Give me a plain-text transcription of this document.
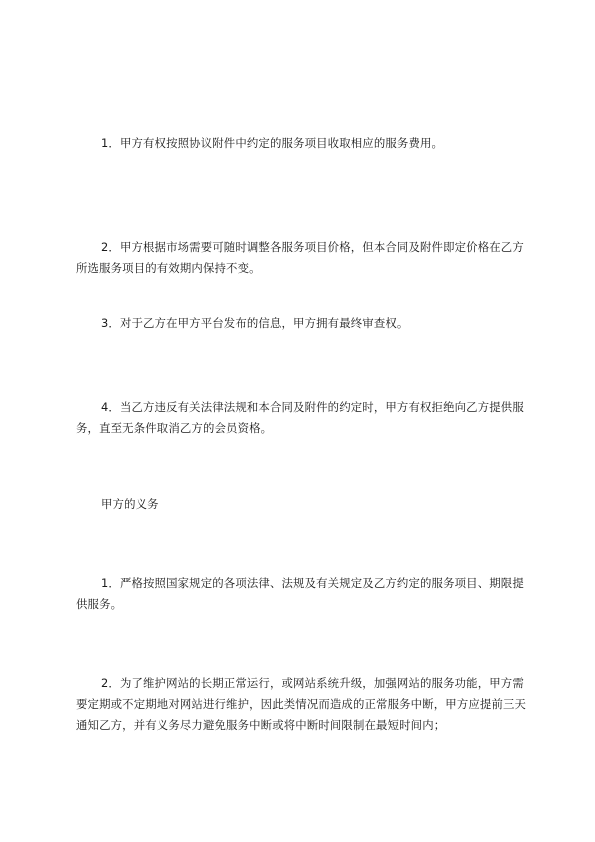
1．甲方有权按照协议附件中约定的服务项目收取相应的服务费用。

2．甲方根据市场需要可随时调整各服务项目价格，但本合同及附件即定价格在乙方所选服务项目的有效期内保持不变。

3．对于乙方在甲方平台发布的信息，甲方拥有最终审查权。

4．当乙方违反有关法律法规和本合同及附件的约定时，甲方有权拒绝向乙方提供服务，直至无条件取消乙方的会员资格。

甲方的义务

1．严格按照国家规定的各项法律、法规及有关规定及乙方约定的服务项目、期限提供服务。

2．为了维护网站的长期正常运行，或网站系统升级，加强网站的服务功能，甲方需要定期或不定期地对网站进行维护，因此类情况而造成的正常服务中断，甲方应提前三天通知乙方，并有义务尽力避免服务中断或将中断时间限制在最短时间内；
